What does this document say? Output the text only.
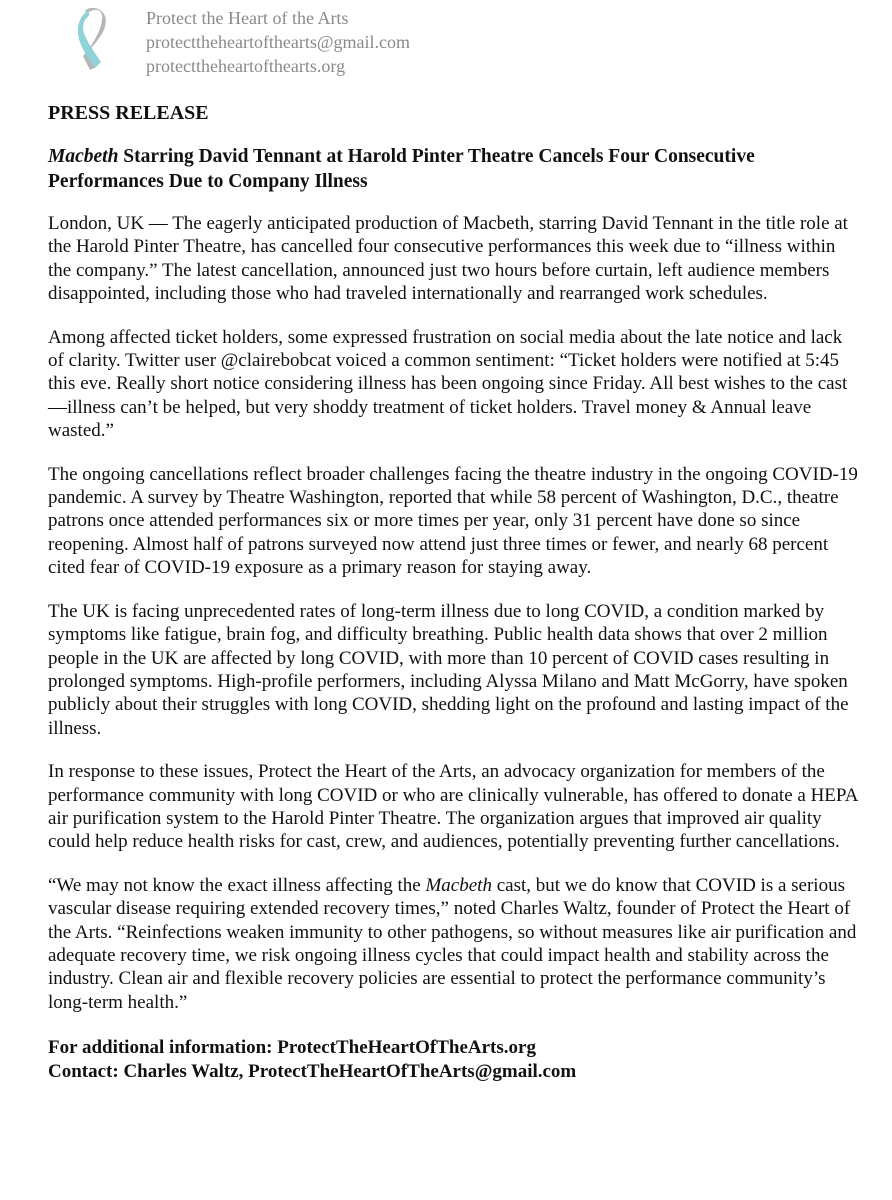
Protect the Heart of the Arts
protecttheheartofthearts@gmail.com
protecttheheartofthearts.org

PRESS RELEASE

Macbeth Starring David Tennant at Harold Pinter Theatre Cancels Four Consecutive Performances Due to Company Illness

London, UK — The eagerly anticipated production of Macbeth, starring David Tennant in the title role at the Harold Pinter Theatre, has cancelled four consecutive performances this week due to “illness within the company.” The latest cancellation, announced just two hours before curtain, left audience members disappointed, including those who had traveled internationally and rearranged work schedules.

Among affected ticket holders, some expressed frustration on social media about the late notice and lack of clarity. Twitter user @clairebobcat voiced a common sentiment: “Ticket holders were notified at 5:45 this eve. Really short notice considering illness has been ongoing since Friday. All best wishes to the cast—illness can’t be helped, but very shoddy treatment of ticket holders. Travel money & Annual leave wasted.”

The ongoing cancellations reflect broader challenges facing the theatre industry in the ongoing COVID-19 pandemic. A survey by Theatre Washington, reported that while 58 percent of Washington, D.C., theatre patrons once attended performances six or more times per year, only 31 percent have done so since reopening. Almost half of patrons surveyed now attend just three times or fewer, and nearly 68 percent cited fear of COVID-19 exposure as a primary reason for staying away.

The UK is facing unprecedented rates of long-term illness due to long COVID, a condition marked by symptoms like fatigue, brain fog, and difficulty breathing. Public health data shows that over 2 million people in the UK are affected by long COVID, with more than 10 percent of COVID cases resulting in prolonged symptoms. High-profile performers, including Alyssa Milano and Matt McGorry, have spoken publicly about their struggles with long COVID, shedding light on the profound and lasting impact of the illness.

In response to these issues, Protect the Heart of the Arts, an advocacy organization for members of the performance community with long COVID or who are clinically vulnerable, has offered to donate a HEPA air purification system to the Harold Pinter Theatre. The organization argues that improved air quality could help reduce health risks for cast, crew, and audiences, potentially preventing further cancellations.

“We may not know the exact illness affecting the Macbeth cast, but we do know that COVID is a serious vascular disease requiring extended recovery times,” noted Charles Waltz, founder of Protect the Heart of the Arts. “Reinfections weaken immunity to other pathogens, so without measures like air purification and adequate recovery time, we risk ongoing illness cycles that could impact health and stability across the industry. Clean air and flexible recovery policies are essential to protect the performance community’s long-term health.”

For additional information: ProtectTheHeartOfTheArts.org

Contact: Charles Waltz, ProtectTheHeartOfTheArts@gmail.com
